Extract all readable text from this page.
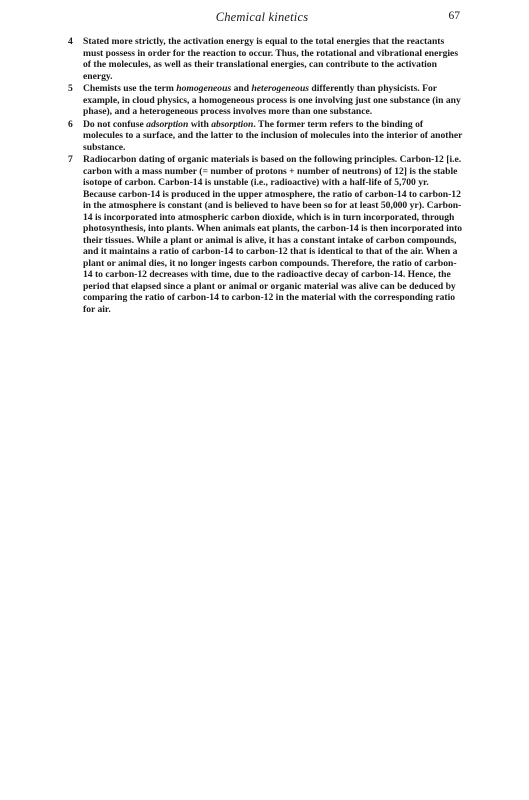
Chemical kinetics	67
4	Stated more strictly, the activation energy is equal to the total energies that the reactants must possess in order for the reaction to occur. Thus, the rotational and vibrational energies of the molecules, as well as their translational energies, can contribute to the activation energy.
5	Chemists use the term homogeneous and heterogeneous differently than physicists. For example, in cloud physics, a homogeneous process is one involving just one substance (in any phase), and a heterogeneous process involves more than one substance.
6	Do not confuse adsorption with absorption. The former term refers to the binding of molecules to a surface, and the latter to the inclusion of molecules into the interior of another substance.
7	Radiocarbon dating of organic materials is based on the following principles. Carbon-12 [i.e. carbon with a mass number (= number of protons + number of neutrons) of 12] is the stable isotope of carbon. Carbon-14 is unstable (i.e., radioactive) with a half-life of 5,700 yr. Because carbon-14 is produced in the upper atmosphere, the ratio of carbon-14 to carbon-12 in the atmosphere is constant (and is believed to have been so for at least 50,000 yr). Carbon-14 is incorporated into atmospheric carbon dioxide, which is in turn incorporated, through photosynthesis, into plants. When animals eat plants, the carbon-14 is then incorporated into their tissues. While a plant or animal is alive, it has a constant intake of carbon compounds, and it maintains a ratio of carbon-14 to carbon-12 that is identical to that of the air. When a plant or animal dies, it no longer ingests carbon compounds. Therefore, the ratio of carbon-14 to carbon-12 decreases with time, due to the radioactive decay of carbon-14. Hence, the period that elapsed since a plant or animal or organic material was alive can be deduced by comparing the ratio of carbon-14 to carbon-12 in the material with the corresponding ratio for air.
